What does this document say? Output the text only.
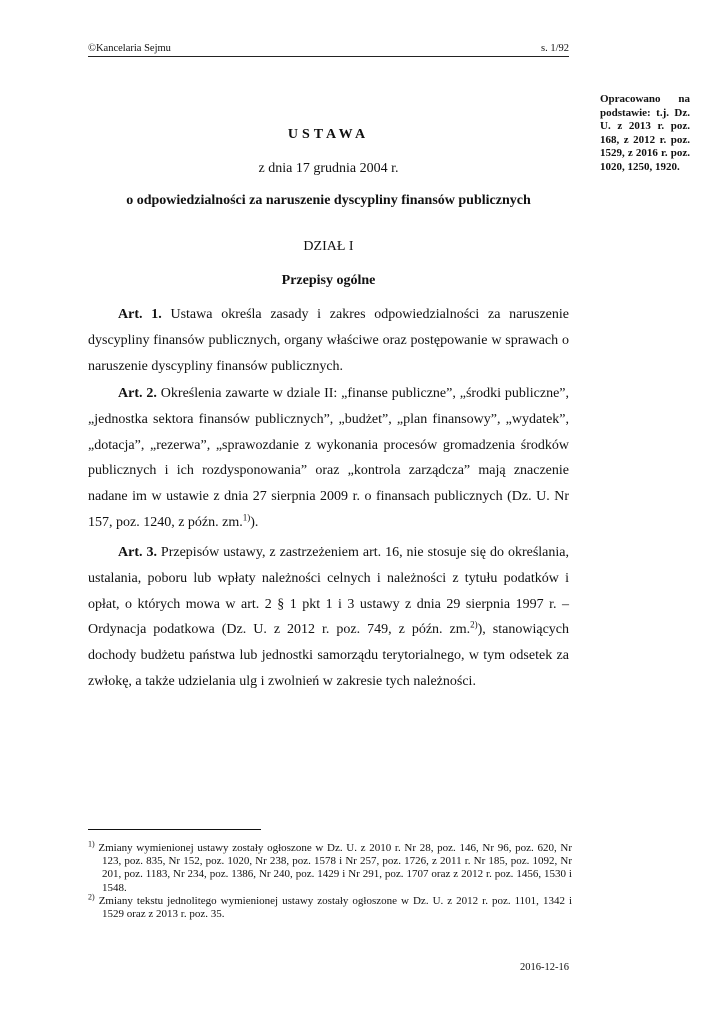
©Kancelaria Sejmu	s. 1/92
Opracowano na podstawie: t.j. Dz. U. z 2013 r. poz. 168, z 2012 r. poz. 1529, z 2016 r. poz. 1020, 1250, 1920.
USTAWA
z dnia 17 grudnia 2004 r.
o odpowiedzialności za naruszenie dyscypliny finansów publicznych
DZIAŁ I
Przepisy ogólne

Art. 1. Ustawa określa zasady i zakres odpowiedzialności za naruszenie dyscypliny finansów publicznych, organy właściwe oraz postępowanie w sprawach o naruszenie dyscypliny finansów publicznych.

Art. 2. Określenia zawarte w dziale II: „finanse publiczne”, „środki publiczne”, „jednostka sektora finansów publicznych”, „budżet”, „plan finansowy”, „wydatek”, „dotacja”, „rezerwa”, „sprawozdanie z wykonania procesów gromadzenia środków publicznych i ich rozdysponowania” oraz „kontrola zarządcza” mają znaczenie nadane im w ustawie z dnia 27 sierpnia 2009 r. o finansach publicznych (Dz. U. Nr 157, poz. 1240, z późn. zm.$^{1)}$).

Art. 3. Przepisów ustawy, z zastrzeżeniem art. 16, nie stosuje się do określania, ustalania, poboru lub wpłaty należności celnych i należności z tytułu podatków i opłat, o których mowa w art. 2 § 1 pkt 1 i 3 ustawy z dnia 29 sierpnia 1997 r. – Ordynacja podatkowa (Dz. U. z 2012 r. poz. 749, z późn. zm.$^{2)}$), stanowiących dochody budżetu państwa lub jednostki samorządu terytorialnego, w tym odsetek za zwłokę, a także udzielania ulg i zwolnień w zakresie tych należności.

$^{1)}$ Zmiany wymienionej ustawy zostały ogłoszone w Dz. U. z 2010 r. Nr 28, poz. 146, Nr 96, poz. 620, Nr 123, poz. 835, Nr 152, poz. 1020, Nr 238, poz. 1578 i Nr 257, poz. 1726, z 2011 r. Nr 185, poz. 1092, Nr 201, poz. 1183, Nr 234, poz. 1386, Nr 240, poz. 1429 i Nr 291, poz. 1707 oraz z 2012 r. poz. 1456, 1530 i 1548.

$^{2)}$ Zmiany tekstu jednolitego wymienionej ustawy zostały ogłoszone w Dz. U. z 2012 r. poz. 1101, 1342 i 1529 oraz z 2013 r. poz. 35.

2016-12-16
